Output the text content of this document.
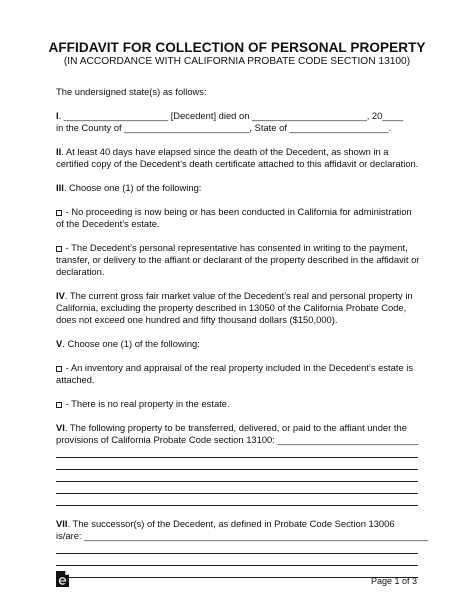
AFFIDAVIT FOR COLLECTION OF PERSONAL PROPERTY
(IN ACCORDANCE WITH CALIFORNIA PROBATE CODE SECTION 13100)
The undersigned state(s) as follows:
I. ____________________ [Decedent] died on ______________________, 20____
in the County of ________________________, State of ___________________.
II. At least 40 days have elapsed since the death of the Decedent, as shown in a
certified copy of the Decedent’s death certificate attached to this affidavit or declaration.
III. Choose one (1) of the following:
- No proceeding is now being or has been conducted in California for administration
of the Decedent’s estate.
- The Decedent’s personal representative has consented in writing to the payment,
transfer, or delivery to the affiant or declarant of the property described in the affidavit or
declaration.
IV. The current gross fair market value of the Decedent’s real and personal property in
California, excluding the property described in 13050 of the California Probate Code,
does not exceed one hundred and fifty thousand dollars ($150,000).
V. Choose one (1) of the following:
- An inventory and appraisal of the real property included in the Decedent’s estate is
attached.
- There is no real property in the estate.
VI. The following property to be transferred, delivered, or paid to the affiant under the
provisions of California Probate Code section 13100: ___________________________
VII. The successor(s) of the Decedent, as defined in Probate Code Section 13006
is/are: __________________________________________________________________
Page 1 of 3
